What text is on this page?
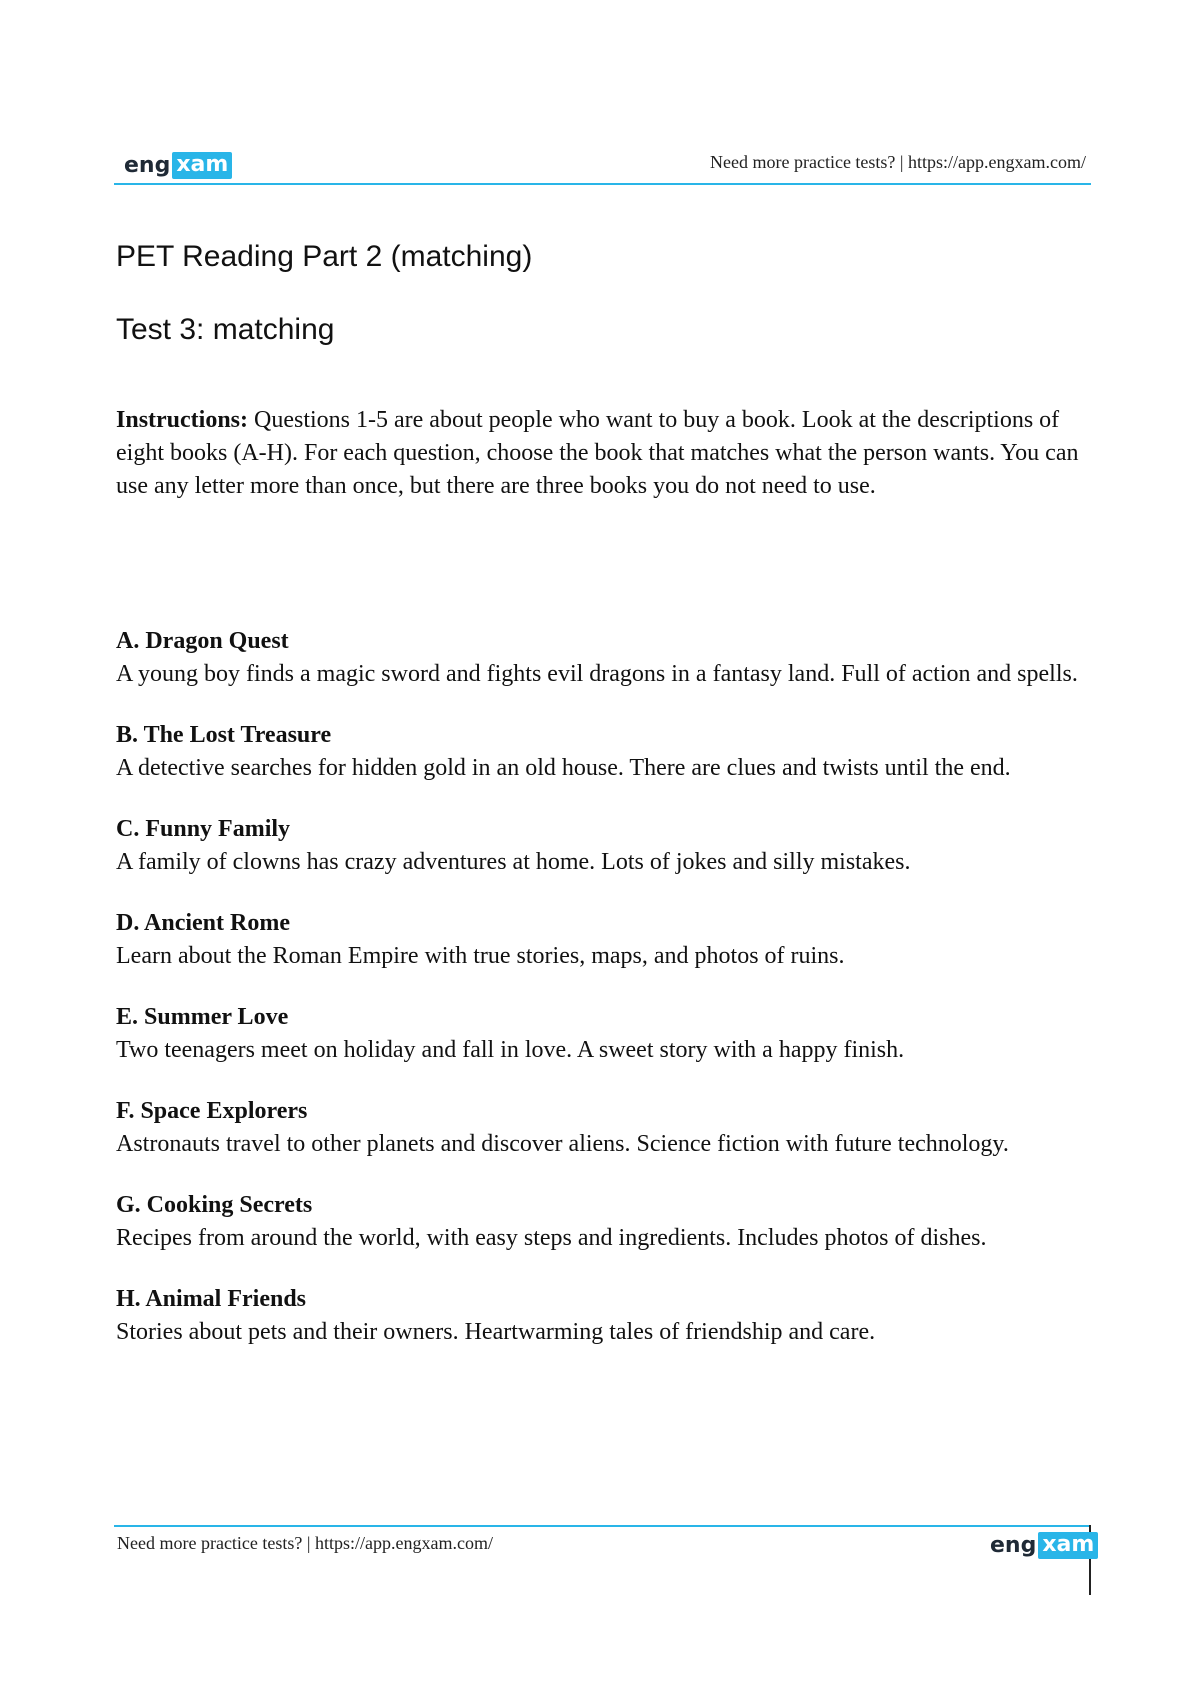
eng xam	Need more practice tests? | https://app.engxam.com/
PET Reading Part 2 (matching)
Test 3: matching
Instructions: Questions 1-5 are about people who want to buy a book. Look at the descriptions of eight books (A-H). For each question, choose the book that matches what the person wants. You can use any letter more than once, but there are three books you do not need to use.
A. Dragon Quest
A young boy finds a magic sword and fights evil dragons in a fantasy land. Full of action and spells.
B. The Lost Treasure
A detective searches for hidden gold in an old house. There are clues and twists until the end.
C. Funny Family
A family of clowns has crazy adventures at home. Lots of jokes and silly mistakes.
D. Ancient Rome
Learn about the Roman Empire with true stories, maps, and photos of ruins.
E. Summer Love
Two teenagers meet on holiday and fall in love. A sweet story with a happy finish.
F. Space Explorers
Astronauts travel to other planets and discover aliens. Science fiction with future technology.
G. Cooking Secrets
Recipes from around the world, with easy steps and ingredients. Includes photos of dishes.
H. Animal Friends
Stories about pets and their owners. Heartwarming tales of friendship and care.
Need more practice tests? | https://app.engxam.com/	eng xam
